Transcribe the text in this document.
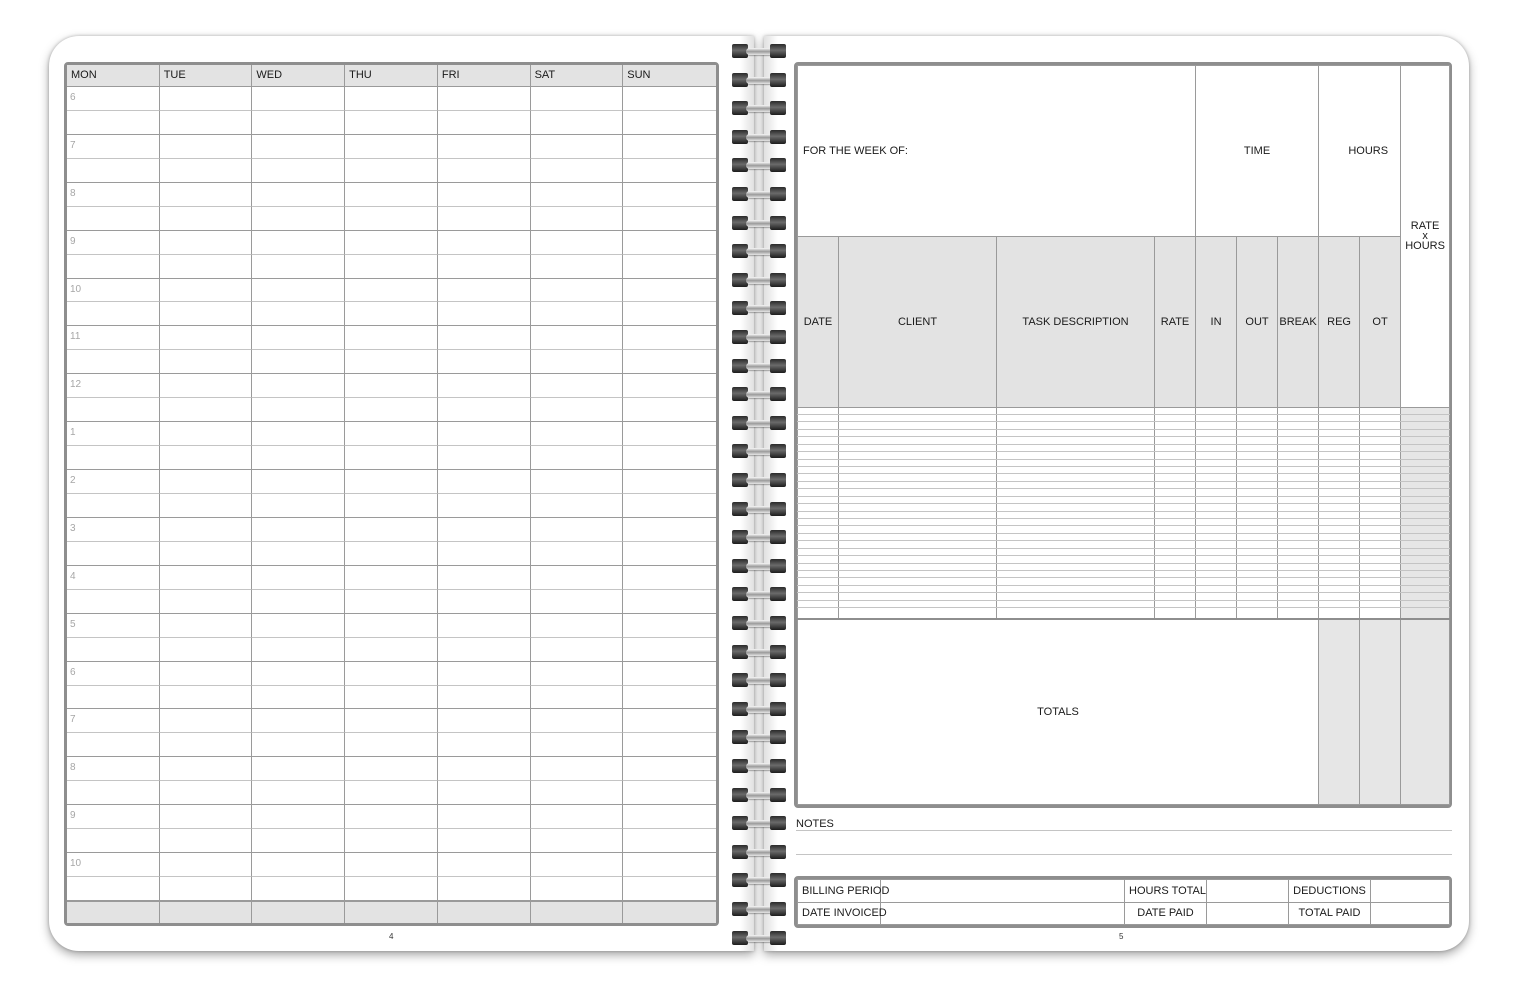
MON	TUE	WED	THU	FRI	SAT	SUN
6
7
8
9
10
11
12
1
2
3
4
5
6
7
8
9
10
4
FOR THE WEEK OF:				TIME			HOURS		RATE
x
HOURS

DATE	CLIENT	TASK DESCRIPTION	RATE	IN	OUT	BREAK	REG	OT	

TOTALS									
NOTES
BILLING PERIOD		HOURS TOTAL		DEDUCTIONS	
DATE INVOICED		DATE PAID		TOTAL PAID	
5
